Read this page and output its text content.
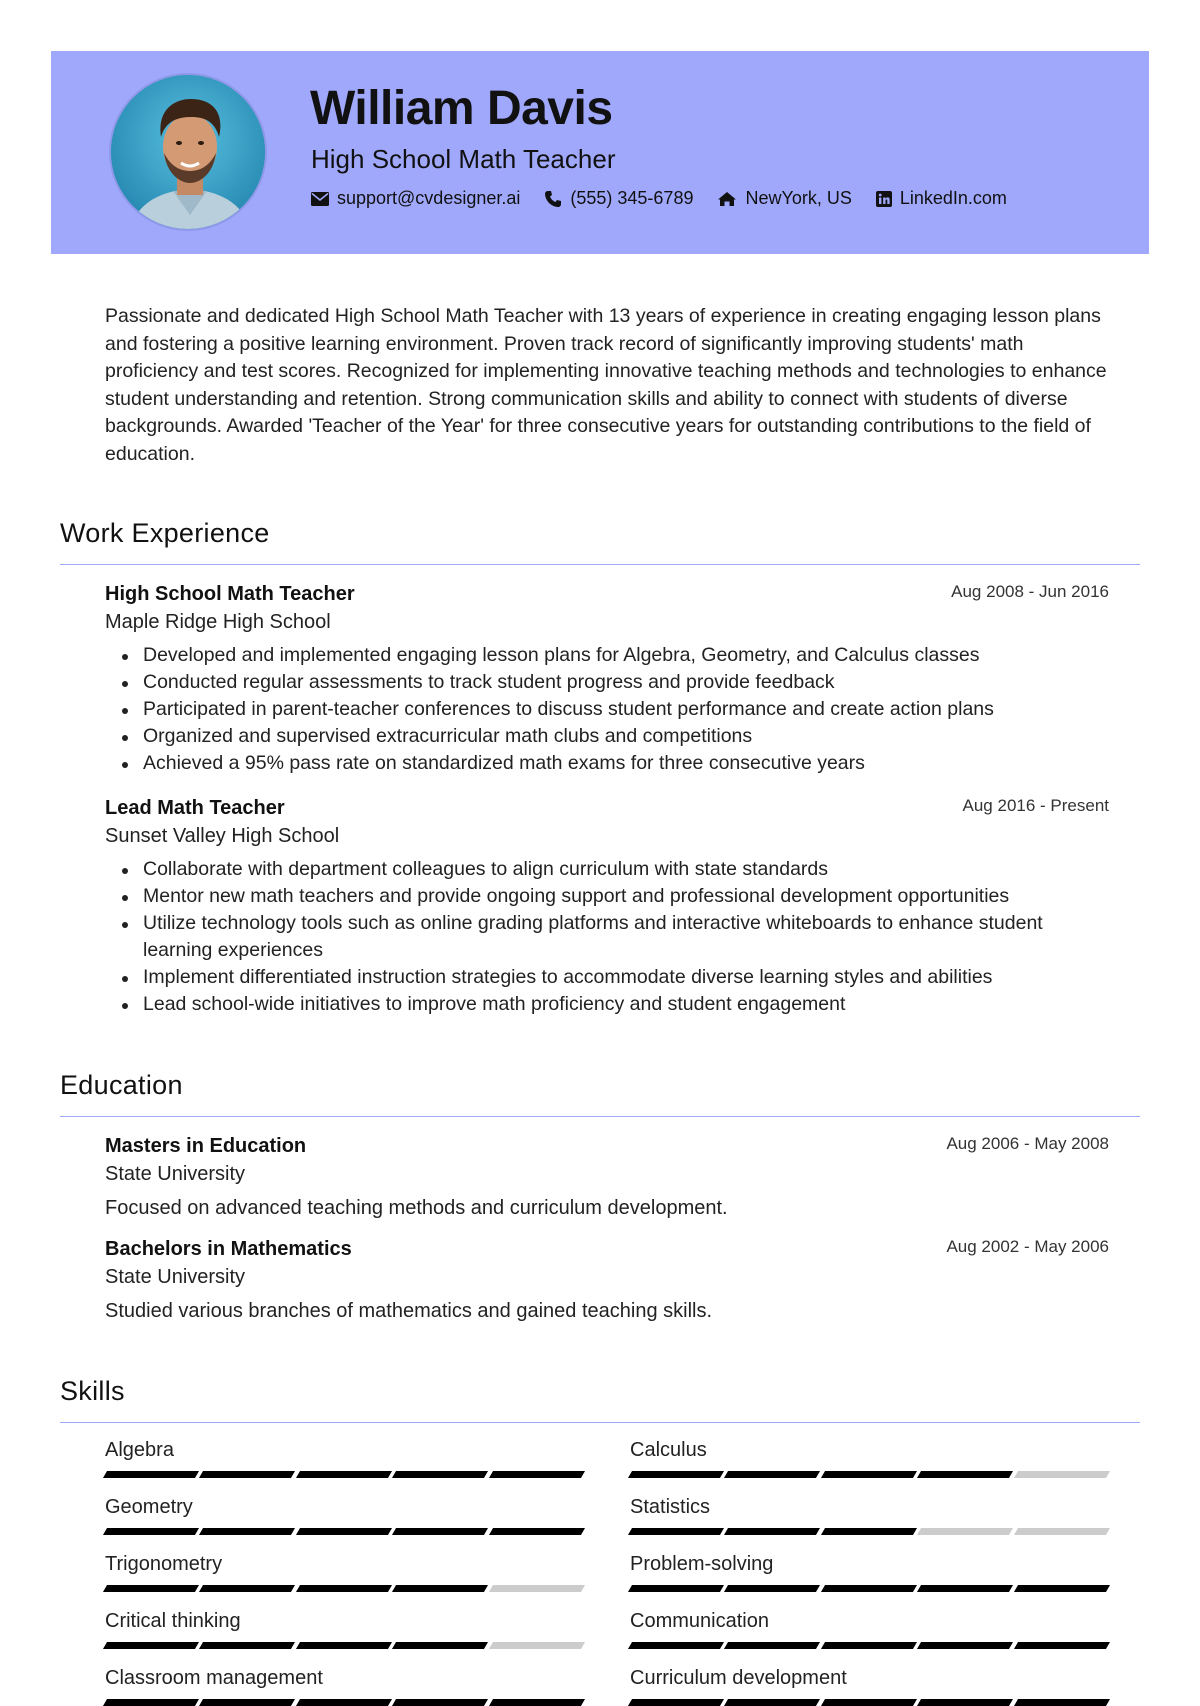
William Davis
High School Math Teacher
support@cvdesigner.ai	(555) 345-6789	NewYork, US	LinkedIn.com
Passionate and dedicated High School Math Teacher with 13 years of experience in creating engaging lesson plans and fostering a positive learning environment. Proven track record of significantly improving students' math proficiency and test scores. Recognized for implementing innovative teaching methods and technologies to enhance student understanding and retention. Strong communication skills and ability to connect with students of diverse backgrounds. Awarded 'Teacher of the Year' for three consecutive years for outstanding contributions to the field of education.
Work Experience
High School Math Teacher	Aug 2008 - Jun 2016
Maple Ridge High School
Developed and implemented engaging lesson plans for Algebra, Geometry, and Calculus classes
Conducted regular assessments to track student progress and provide feedback
Participated in parent-teacher conferences to discuss student performance and create action plans
Organized and supervised extracurricular math clubs and competitions
Achieved a 95% pass rate on standardized math exams for three consecutive years
Lead Math Teacher	Aug 2016 - Present
Sunset Valley High School
Collaborate with department colleagues to align curriculum with state standards
Mentor new math teachers and provide ongoing support and professional development opportunities
Utilize technology tools such as online grading platforms and interactive whiteboards to enhance student learning experiences
Implement differentiated instruction strategies to accommodate diverse learning styles and abilities
Lead school-wide initiatives to improve math proficiency and student engagement
Education
Masters in Education	Aug 2006 - May 2008
State University
Focused on advanced teaching methods and curriculum development.
Bachelors in Mathematics	Aug 2002 - May 2006
State University
Studied various branches of mathematics and gained teaching skills.
Skills
Algebra	Calculus
Geometry	Statistics
Trigonometry	Problem-solving
Critical thinking	Communication
Classroom management	Curriculum development
